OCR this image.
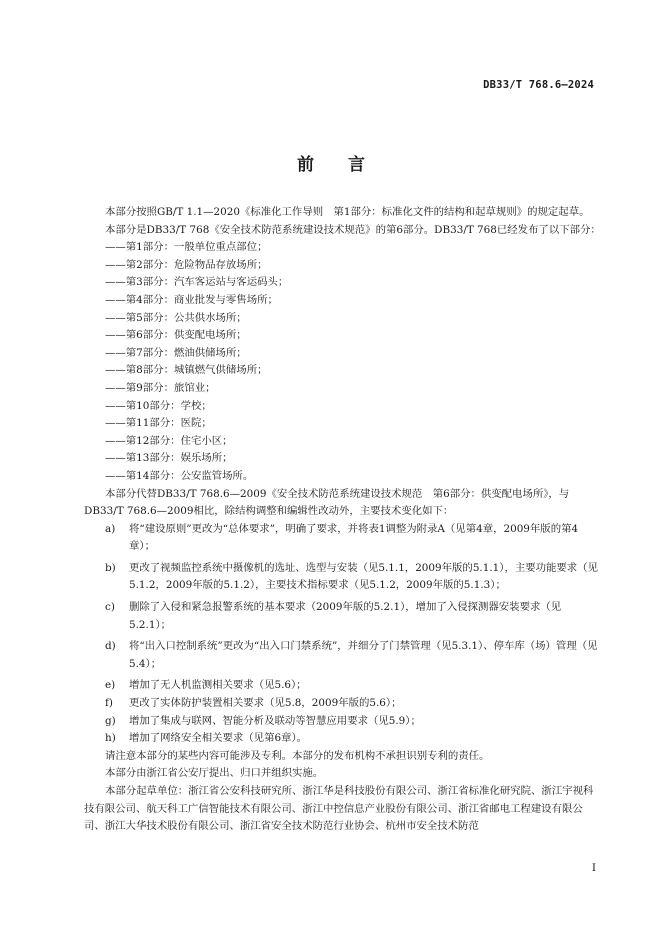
DB33/T 768.6—2024
前言

本部分按照GB/T 1.1—2020《标准化工作导则　第1部分：标准化文件的结构和起草规则》的规定起草。

本部分是DB33/T 768《安全技术防范系统建设技术规范》的第6部分。DB33/T 768已经发布了以下部分：

——第1部分：一般单位重点部位；

——第2部分：危险物品存放场所；

——第3部分：汽车客运站与客运码头；

——第4部分：商业批发与零售场所；

——第5部分：公共供水场所；

——第6部分：供变配电场所；

——第7部分：燃油供储场所；

——第8部分：城镇燃气供储场所；

——第9部分：旅馆业；

——第10部分：学校；

——第11部分：医院；

——第12部分：住宅小区；

——第13部分：娱乐场所；

——第14部分：公安监管场所。

本部分代替DB33/T 768.6—2009《安全技术防范系统建设技术规范　第6部分：供变配电场所》，与DB33/T 768.6—2009相比，除结构调整和编辑性改动外，主要技术变化如下：

a)	将“建设原则”更改为“总体要求”，明确了要求，并将表1调整为附录A（见第4章，2009年版的第4章）；
b)	更改了视频监控系统中摄像机的选址、选型与安装（见5.1.1，2009年版的5.1.1），主要功能要求（见5.1.2，2009年版的5.1.2），主要技术指标要求（见5.1.2，2009年版的5.1.3）；
c)	删除了入侵和紧急报警系统的基本要求（2009年版的5.2.1），增加了入侵探测器安装要求（见5.2.1）；
d)	将“出入口控制系统”更改为“出入口门禁系统”，并细分了门禁管理（见5.3.1）、停车库（场）管理（见5.4）；
e)	增加了无人机监测相关要求（见5.6）；
f)	更改了实体防护装置相关要求（见5.8，2009年版的5.6）；
g)	增加了集成与联网、智能分析及联动等智慧应用要求（见5.9）；
h)	增加了网络安全相关要求（见第6章）。

请注意本部分的某些内容可能涉及专利。本部分的发布机构不承担识别专利的责任。

本部分由浙江省公安厅提出、归口并组织实施。

本部分起草单位：浙江省公安科技研究所、浙江华是科技股份有限公司、浙江省标准化研究院、浙江宇视科技有限公司、航天科工广信智能技术有限公司、浙江中控信息产业股份有限公司、浙江省邮电工程建设有限公司、浙江大华技术股份有限公司、浙江省安全技术防范行业协会、杭州市安全技术防范

I
